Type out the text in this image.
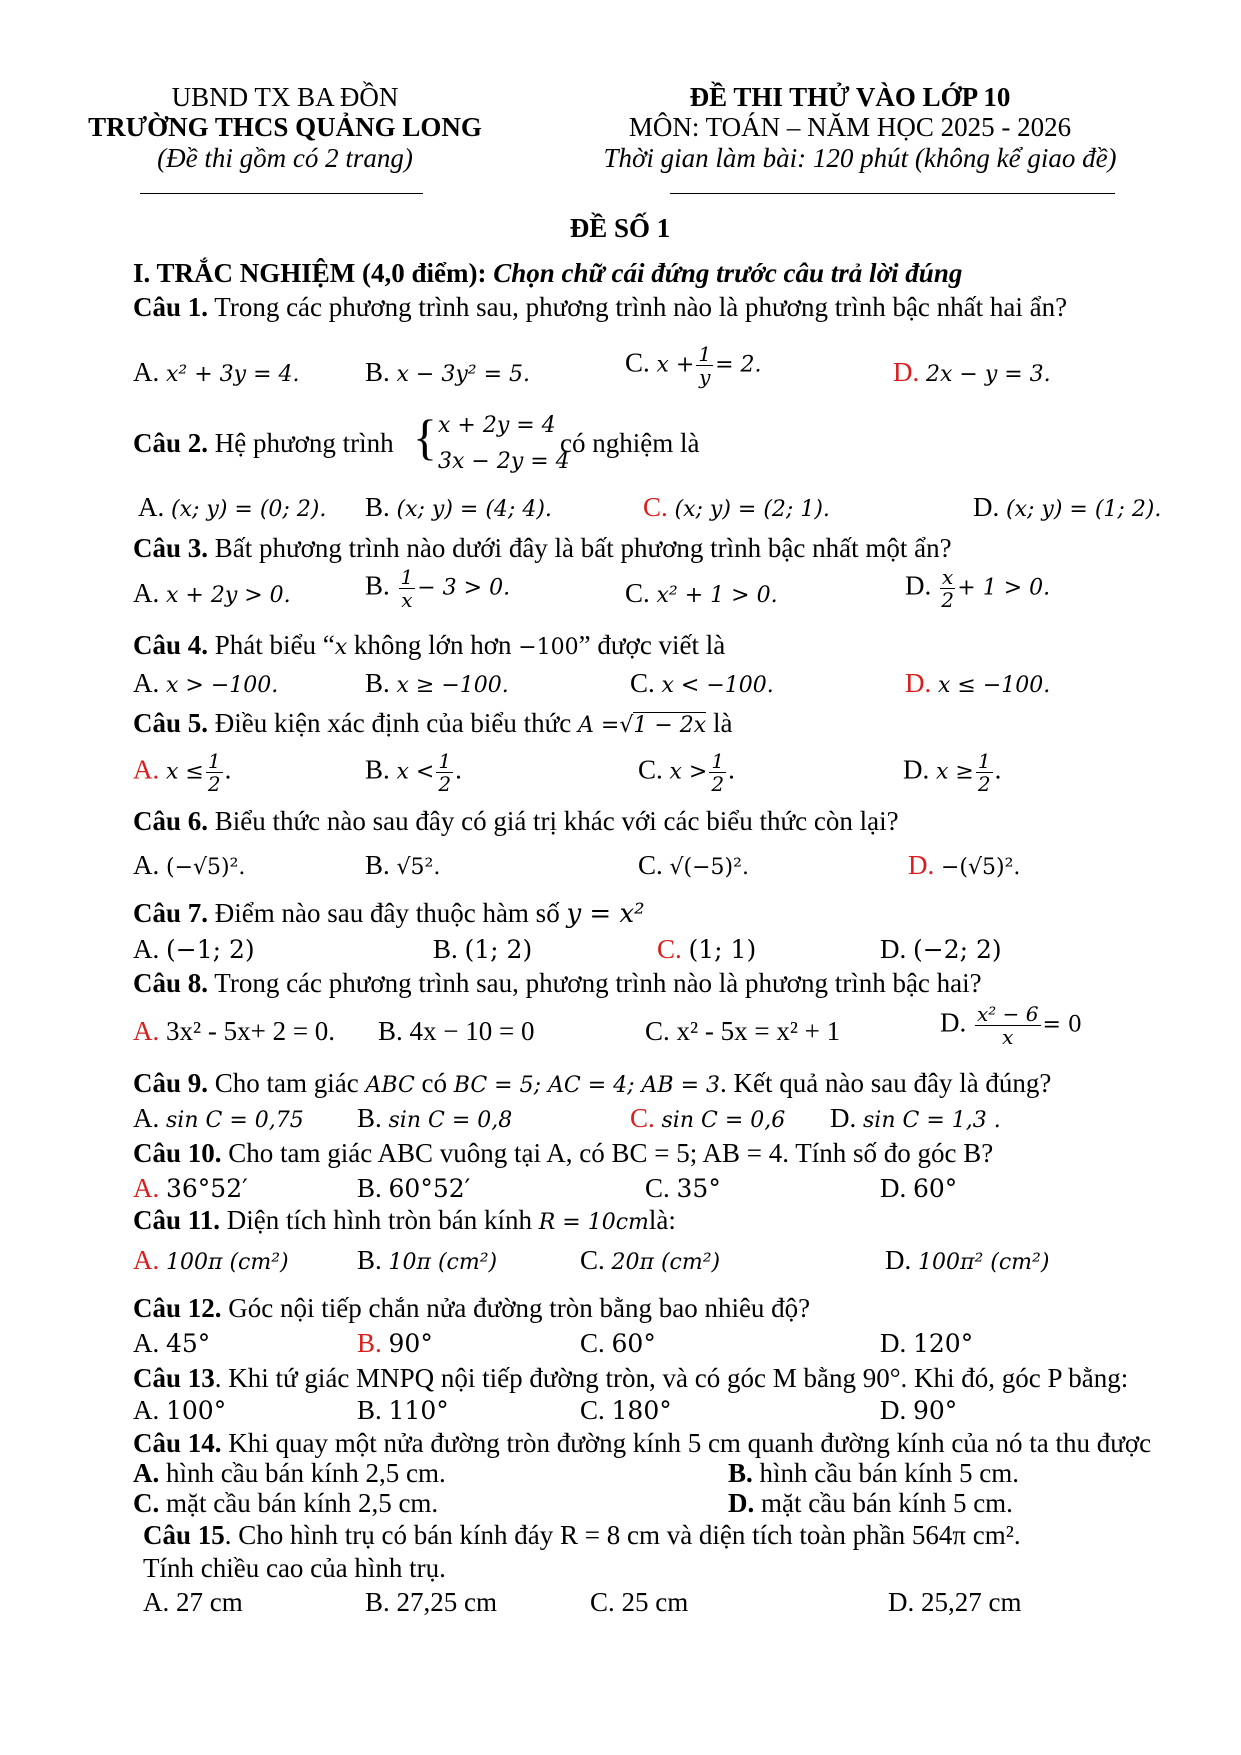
UBND TX BA ĐỒN
TRƯỜNG THCS QUẢNG LONG
(Đề thi gồm có 2 trang)
ĐỀ THI THỬ VÀO LỚP 10
MÔN: TOÁN – NĂM HỌC 2025 - 2026
Thời gian làm bài: 120 phút (không kể giao đề)
ĐỀ SỐ 1
I. TRẮC NGHIỆM (4,0 điểm): Chọn chữ cái đứng trước câu trả lời đúng
Câu 1. Trong các phương trình sau, phương trình nào là phương trình bậc nhất hai ẩn?
A. x² + 3y = 4. B. x − 3y² = 5.	C. $x + \frac{1}{y} = 2$.	D. 2x − y = 3.
Câu 2. Hệ phương trình { x + 2y = 4
3x − 2y = 4
có nghiệm là
A. (x; y) = (0; 2). B. (x; y) = (4; 4).	C. (x; y) = (2; 1).	D. (x; y) = (1; 2).
Câu 3. Bất phương trình nào dưới đây là bất phương trình bậc nhất một ẩn?
A. x + 2y > 0.	B. $\frac{1}{x} - 3 > 0$.	C. x² + 1 > 0.	D. $\frac{x}{2} + 1 > 0$.
Câu 4. Phát biểu “x không lớn hơn −100” được viết là
A. x > −100.	B. x ≥ −100.	C. x < −100.	D. x ≤ −100.
Câu 5. Điều kiện xác định của biểu thức A =√1 − 2x là
A. $x \le \frac{1}{2}$ .	B. $x < \frac{1}{2}$ .	C. $x > \frac{1}{2}$ .	D. $x \ge \frac{1}{2}$ .
Câu 6. Biểu thức nào sau đây có giá trị khác với các biểu thức còn lại?
A. (−√5)².	B. √5².	C. √(−5)².	D. −(√5)².
Câu 7. Điểm nào sau đây thuộc hàm số y = x²
A. (−1; 2)	B. (1; 2)	C. (1; 1)	D. (−2; 2)
Câu 8. Trong các phương trình sau, phương trình nào là phương trình bậc hai?
A. 3x² - 5x+ 2 = 0. B. 4x − 10 = 0	C. x² - 5x = x² + 1	D. $\frac{\text{x² − 6}}{x} = 0$
Câu 9. Cho tam giác ABC có BC = 5; AC = 4; AB = 3. Kết quả nào sau đây là đúng?
A. sin C = 0,75 B. sin C = 0,8	C. sin C = 0,6 D. sin C = 1,3 .
Câu 10. Cho tam giác ABC vuông tại A, có BC = 5; AB = 4. Tính số đo góc B?
A. 36°52′	B. 60°52′	C. 35°	D. 60°
Câu 11. Diện tích hình tròn bán kính R = 10cmlà:
A. 100π (cm²)	B. 10π (cm²)	C. 20π (cm²)	D. 100π² (cm²)
Câu 12. Góc nội tiếp chắn nửa đường tròn bằng bao nhiêu độ?
A. 45°	B. 90°	C. 60°	D. 120°
Câu 13. Khi tứ giác MNPQ nội tiếp đường tròn, và có góc M bằng 90°. Khi đó, góc P bằng:
A. 100°	B. 110°	C. 180°	D. 90°
Câu 14. Khi quay một nửa đường tròn đường kính 5 cm quanh đường kính của nó ta thu được
A. hình cầu bán kính 2,5 cm.	B. hình cầu bán kính 5 cm.
C. mặt cầu bán kính 2,5 cm.	D. mặt cầu bán kính 5 cm.
Câu 15. Cho hình trụ có bán kính đáy R = 8 cm và diện tích toàn phần 564π cm².
Tính chiều cao của hình trụ.
A. 27 cm	B. 27,25 cm	C. 25 cm	D. 25,27 cm
